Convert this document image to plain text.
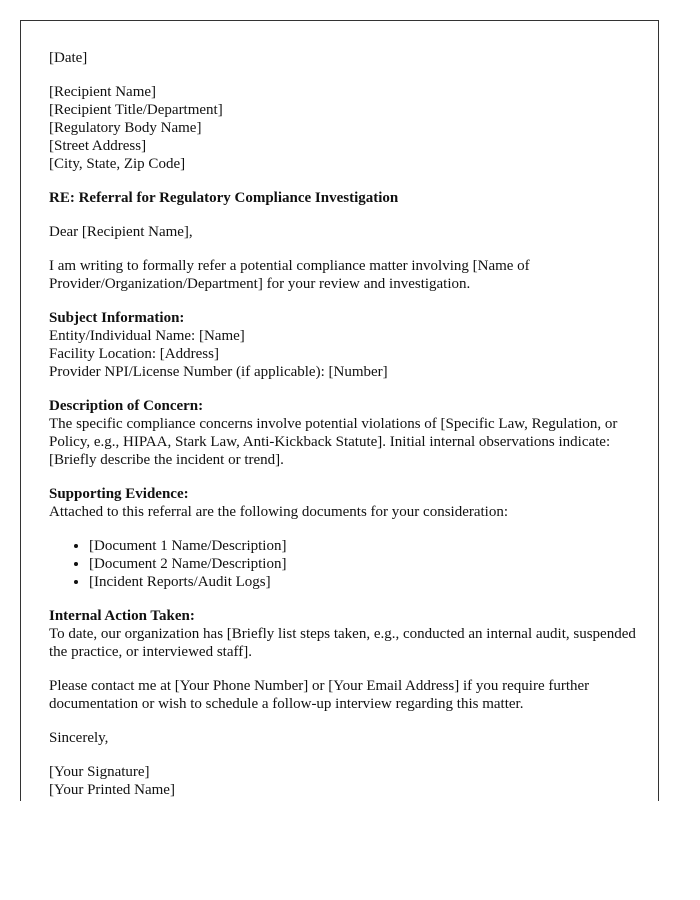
[Date]

[Recipient Name]
[Recipient Title/Department]
[Regulatory Body Name]
[Street Address]
[City, State, Zip Code]

RE: Referral for Regulatory Compliance Investigation

Dear [Recipient Name],

I am writing to formally refer a potential compliance matter involving [Name of Provider/Organization/Department] for your review and investigation.

Subject Information:
Entity/Individual Name: [Name]
Facility Location: [Address]
Provider NPI/License Number (if applicable): [Number]

Description of Concern:
The specific compliance concerns involve potential violations of [Specific Law, Regulation, or Policy, e.g., HIPAA, Stark Law, Anti-Kickback Statute]. Initial internal observations indicate: [Briefly describe the incident or trend].

Supporting Evidence:
Attached to this referral are the following documents for your consideration:

• [Document 1 Name/Description]
• [Document 2 Name/Description]
• [Incident Reports/Audit Logs]

Internal Action Taken:
To date, our organization has [Briefly list steps taken, e.g., conducted an internal audit, suspended the practice, or interviewed staff].

Please contact me at [Your Phone Number] or [Your Email Address] if you require further documentation or wish to schedule a follow-up interview regarding this matter.

Sincerely,

[Your Signature]
[Your Printed Name]
